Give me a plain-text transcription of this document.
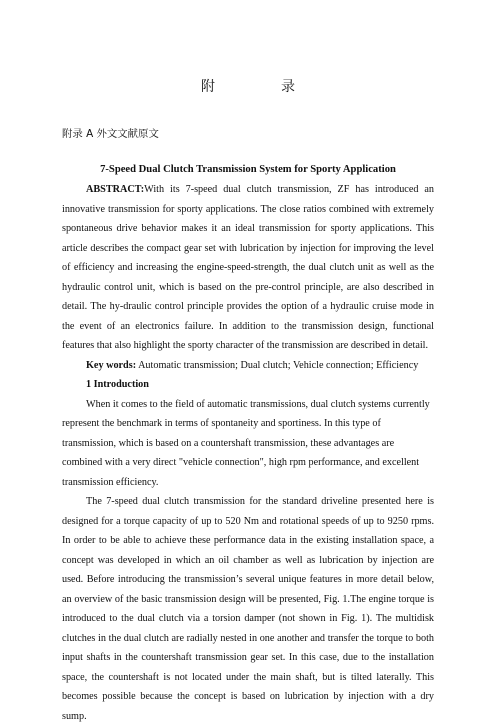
附　录
附录 A 外文文献原文
7-Speed Dual Clutch Transmission System for Sporty Application

ABSTRACT:With its 7-speed dual clutch transmission, ZF has introduced an innovative transmission for sporty applications. The close ratios combined with extremely spontaneous drive behavior makes it an ideal transmission for sporty applications. This article describes the compact gear set with lubrication by injection for improving the level of efficiency and increasing the engine-speed-strength, the dual clutch unit as well as the hydraulic control unit, which is based on the pre-control principle, are also described in detail. The hy-draulic control principle provides the option of a hydraulic cruise mode in the event of an electronics failure. In addition to the transmission design, functional features that also highlight the sporty character of the transmission are described in detail.

Key words: Automatic transmission; Dual clutch; Vehicle connection; Efficiency

1 Introduction

When it comes to the field of automatic transmissions, dual clutch systems currently represent the benchmark in terms of spontaneity and sportiness. In this type of transmission, which is based on a countershaft transmission, these advantages are combined with a very direct "vehicle connection", high rpm performance, and excellent transmission efficiency.

The 7-speed dual clutch transmission for the standard driveline presented here is designed for a torque capacity of up to 520 Nm and rotational speeds of up to 9250 rpms. In order to be able to achieve these performance data in the existing installation space, a concept was developed in which an oil chamber as well as lubrication by injection are used. Before introducing the transmission’s several unique features in more detail below, an overview of the basic transmission design will be presented, Fig. 1.The engine torque is introduced to the dual clutch via a torsion damper (not shown in Fig. 1). The multidisk clutches in the dual clutch are radially nested in one another and transfer the torque to both input shafts in the countershaft transmission gear set. In this case, due to the installation space, the countershaft is not located under the main shaft, but is tilted laterally. This becomes possible because the concept is based on lubrication by injection with a dry sump.
